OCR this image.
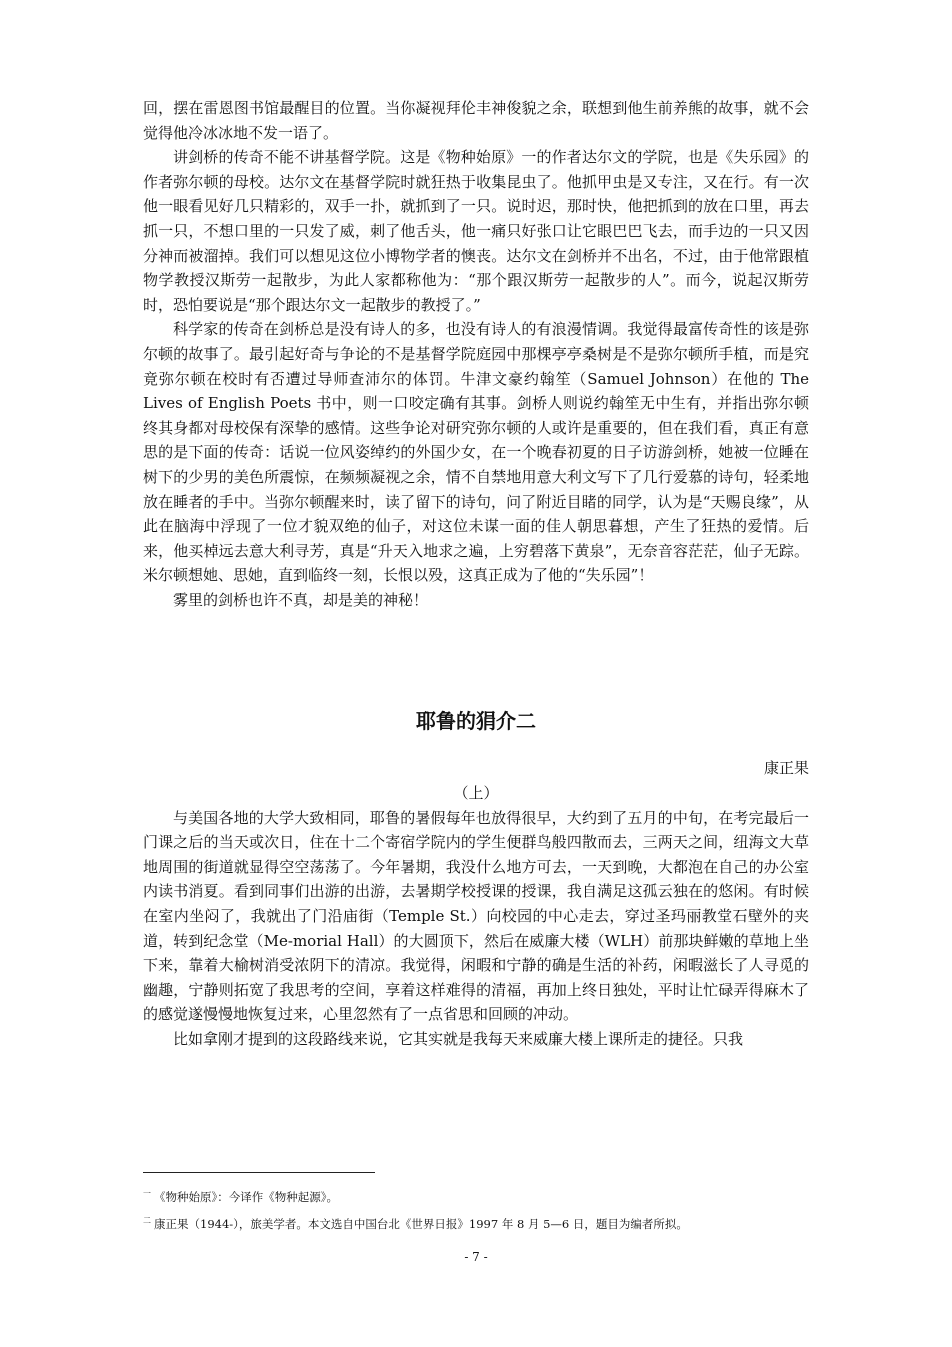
回，摆在雷恩图书馆最醒目的位置。当你凝视拜伦丰神俊貌之余，联想到他生前养熊的故事，就不会觉得他冷冰冰地不发一语了。

讲剑桥的传奇不能不讲基督学院。这是《物种始原》一的作者达尔文的学院，也是《失乐园》的作者弥尔顿的母校。达尔文在基督学院时就狂热于收集昆虫了。他抓甲虫是又专注，又在行。有一次他一眼看见好几只精彩的，双手一扑，就抓到了一只。说时迟，那时快，他把抓到的放在口里，再去抓一只，不想口里的一只发了威，刺了他舌头，他一痛只好张口让它眼巴巴飞去，而手边的一只又因分神而被溜掉。我们可以想见这位小博物学者的懊丧。达尔文在剑桥并不出名，不过，由于他常跟植物学教授汉斯劳一起散步，为此人家都称他为：“那个跟汉斯劳一起散步的人”。而今，说起汉斯劳时，恐怕要说是“那个跟达尔文一起散步的教授了。”

科学家的传奇在剑桥总是没有诗人的多，也没有诗人的有浪漫情调。我觉得最富传奇性的该是弥尔顿的故事了。最引起好奇与争论的不是基督学院庭园中那棵亭亭桑树是不是弥尔顿所手植，而是究竟弥尔顿在校时有否遭过导师查沛尔的体罚。牛津文豪约翰笙（Samuel Johnson）在他的 The Lives of English Poets 书中，则一口咬定确有其事。剑桥人则说约翰笙无中生有，并指出弥尔顿终其身都对母校保有深挚的感情。这些争论对研究弥尔顿的人或许是重要的，但在我们看，真正有意思的是下面的传奇：话说一位风姿绰约的外国少女，在一个晚春初夏的日子访游剑桥，她被一位睡在树下的少男的美色所震惊，在频频凝视之余，情不自禁地用意大利文写下了几行爱慕的诗句，轻柔地放在睡者的手中。当弥尔顿醒来时，读了留下的诗句，问了附近目睹的同学，认为是“天赐良缘”，从此在脑海中浮现了一位才貌双绝的仙子，对这位未谋一面的佳人朝思暮想，产生了狂热的爱情。后来，他买棹远去意大利寻芳，真是“升天入地求之遍，上穷碧落下黄泉”，无奈音容茫茫，仙子无踪。米尔顿想她、思她，直到临终一刻，长恨以殁，这真正成为了他的“失乐园”！

雾里的剑桥也许不真，却是美的神秘！

耶鲁的狷介二

康正果

（上）

与美国各地的大学大致相同，耶鲁的暑假每年也放得很早，大约到了五月的中旬，在考完最后一门课之后的当天或次日，住在十二个寄宿学院内的学生便群鸟般四散而去，三两天之间，纽海文大草地周围的街道就显得空空荡荡了。今年暑期，我没什么地方可去，一天到晚，大都泡在自己的办公室内读书消夏。看到同事们出游的出游，去暑期学校授课的授课，我自满足这孤云独在的悠闲。有时候在室内坐闷了，我就出了门沿庙街（Temple St.）向校园的中心走去，穿过圣玛丽教堂石壁外的夹道，转到纪念堂（Me-morial Hall）的大圆顶下，然后在威廉大楼（WLH）前那块鲜嫩的草地上坐下来，靠着大榆树消受浓阴下的清凉。我觉得，闲暇和宁静的确是生活的补药，闲暇滋长了人寻觅的幽趣，宁静则拓宽了我思考的空间，享着这样难得的清福，再加上终日独处，平时让忙碌弄得麻木了的感觉遂慢慢地恢复过来，心里忽然有了一点省思和回顾的冲动。

比如拿刚才提到的这段路线来说，它其实就是我每天来威廉大楼上课所走的捷径。只我

$^一$ 《物种始原》：今译作《物种起源》。

$^二$ 康正果（1944-），旅美学者。本文选自中国台北《世界日报》1997 年 8 月 5—6 日，题目为编者所拟。

- 7 -
